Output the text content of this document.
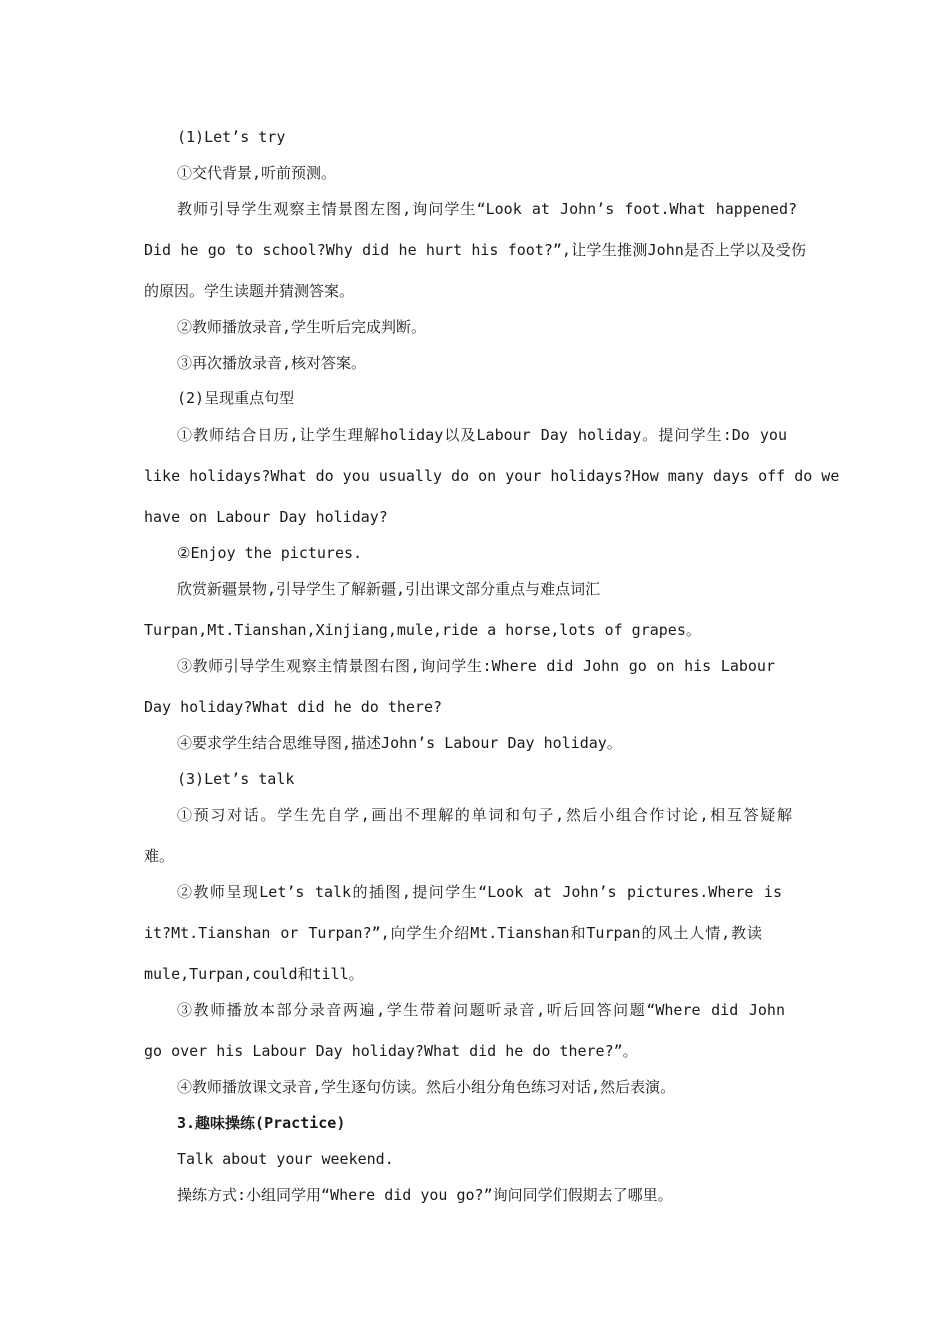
(1)Let’s try
①交代背景,听前预测。
教师引导学生观察主情景图左图,询问学生“Look at John’s foot.What happened?
Did he go to school?Why did he hurt his foot?”,让学生推测John是否上学以及受伤
的原因。学生读题并猜测答案。
②教师播放录音,学生听后完成判断。
③再次播放录音,核对答案。
(2)呈现重点句型
①教师结合日历,让学生理解holiday以及Labour Day holiday。提问学生:Do you
like holidays?What do you usually do on your holidays?How many days off do we
have on Labour Day holiday?
②Enjoy the pictures.
欣赏新疆景物,引导学生了解新疆,引出课文部分重点与难点词汇
Turpan,Mt.Tianshan,Xinjiang,mule,ride a horse,lots of grapes。
③教师引导学生观察主情景图右图,询问学生:Where did John go on his Labour
Day holiday?What did he do there?
④要求学生结合思维导图,描述John’s Labour Day holiday。
(3)Let’s talk
①预习对话。学生先自学,画出不理解的单词和句子,然后小组合作讨论,相互答疑解
难。
②教师呈现Let’s talk的插图,提问学生“Look at John’s pictures.Where is
it?Mt.Tianshan or Turpan?”,向学生介绍Mt.Tianshan和Turpan的风土人情,教读
mule,Turpan,could和till。
③教师播放本部分录音两遍,学生带着问题听录音,听后回答问题“Where did John
go over his Labour Day holiday?What did he do there?”。
④教师播放课文录音,学生逐句仿读。然后小组分角色练习对话,然后表演。
3.趣味操练(Practice)
Talk about your weekend.
操练方式:小组同学用“Where did you go?”询问同学们假期去了哪里。
